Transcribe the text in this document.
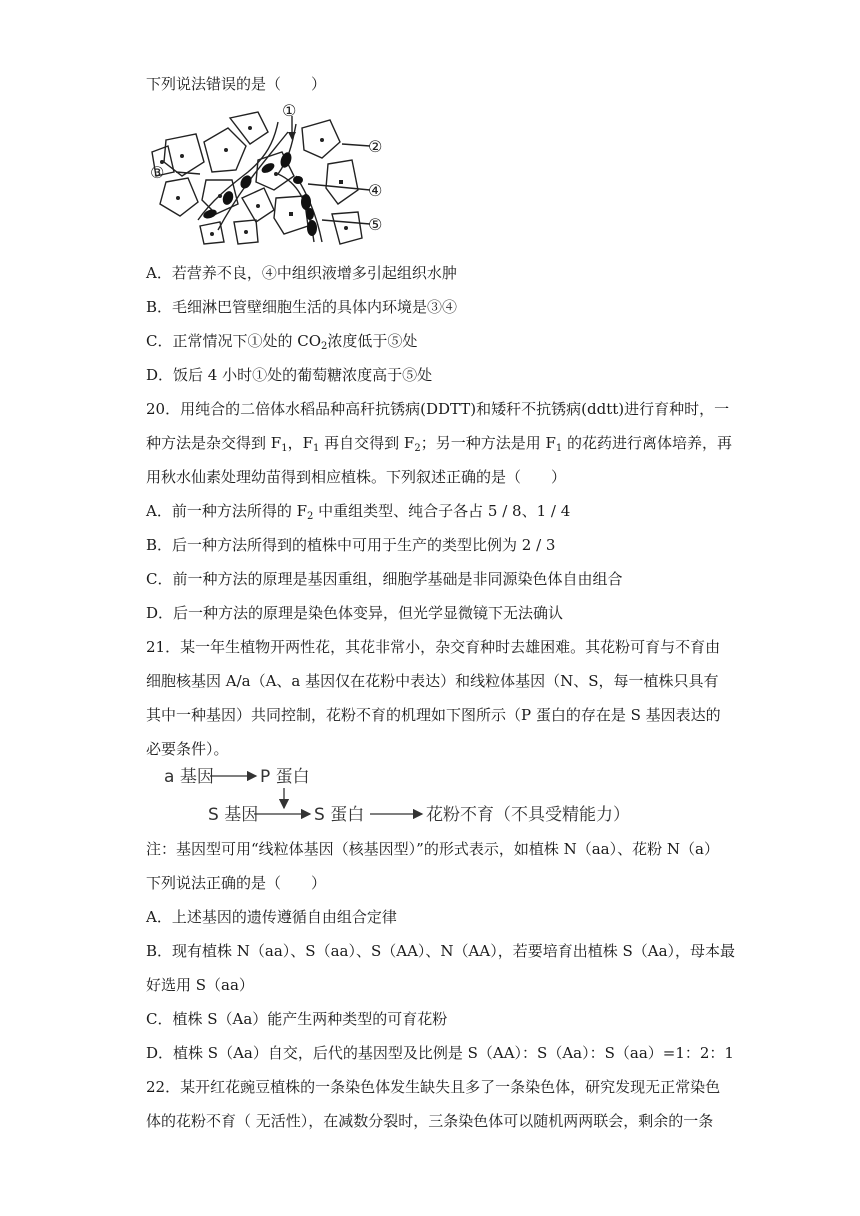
下列说法错误的是（　　）
①
②
③
④
⑤
A．若营养不良，④中组织液增多引起组织水肿
B．毛细淋巴管壁细胞生活的具体内环境是③④
C．正常情况下①处的 $CO_2$浓度低于⑤处
D．饭后 4 小时①处的葡萄糖浓度高于⑤处
20．用纯合的二倍体水稻品种高秆抗锈病(DDTT)和矮秆不抗锈病(ddtt)进行育种时，一
种方法是杂交得到 $F_1$，$F_1$ 再自交得到 $F_2$；另一种方法是用 $F_1$ 的花药进行离体培养，再
用秋水仙素处理幼苗得到相应植株。下列叙述正确的是（　　）
A．前一种方法所得的 $F_2$ 中重组类型、纯合子各占 5 / 8、1 / 4
B．后一种方法所得到的植株中可用于生产的类型比例为 2 / 3
C．前一种方法的原理是基因重组，细胞学基础是非同源染色体自由组合
D．后一种方法的原理是染色体变异，但光学显微镜下无法确认
21．某一年生植物开两性花，其花非常小，杂交育种时去雄困难。其花粉可育与不育由
细胞核基因 A/a（A、a 基因仅在花粉中表达）和线粒体基因（N、S，每一植株只具有
其中一种基因）共同控制，花粉不育的机理如下图所示（P 蛋白的存在是 S 基因表达的
必要条件）。
a 基因	P 蛋白
S 基因	S 蛋白	花粉不育（不具受精能力）
注：基因型可用“线粒体基因（核基因型）”的形式表示，如植株 N（aa）、花粉 N（a）
下列说法正确的是（　　）
A．上述基因的遗传遵循自由组合定律
B．现有植株 N（aa）、S（aa）、S（AA）、N（AA），若要培育出植株 S（Aa），母本最
好选用 S（aa）
C．植株 S（Aa）能产生两种类型的可育花粉
D．植株 S（Aa）自交，后代的基因型及比例是 S（AA）：S（Aa）：S（aa）=1：2：1
22．某开红花豌豆植株的一条染色体发生缺失且多了一条染色体，研究发现无正常染色
体的花粉不育（ 无活性），在减数分裂时，三条染色体可以随机两两联会，剩余的一条
